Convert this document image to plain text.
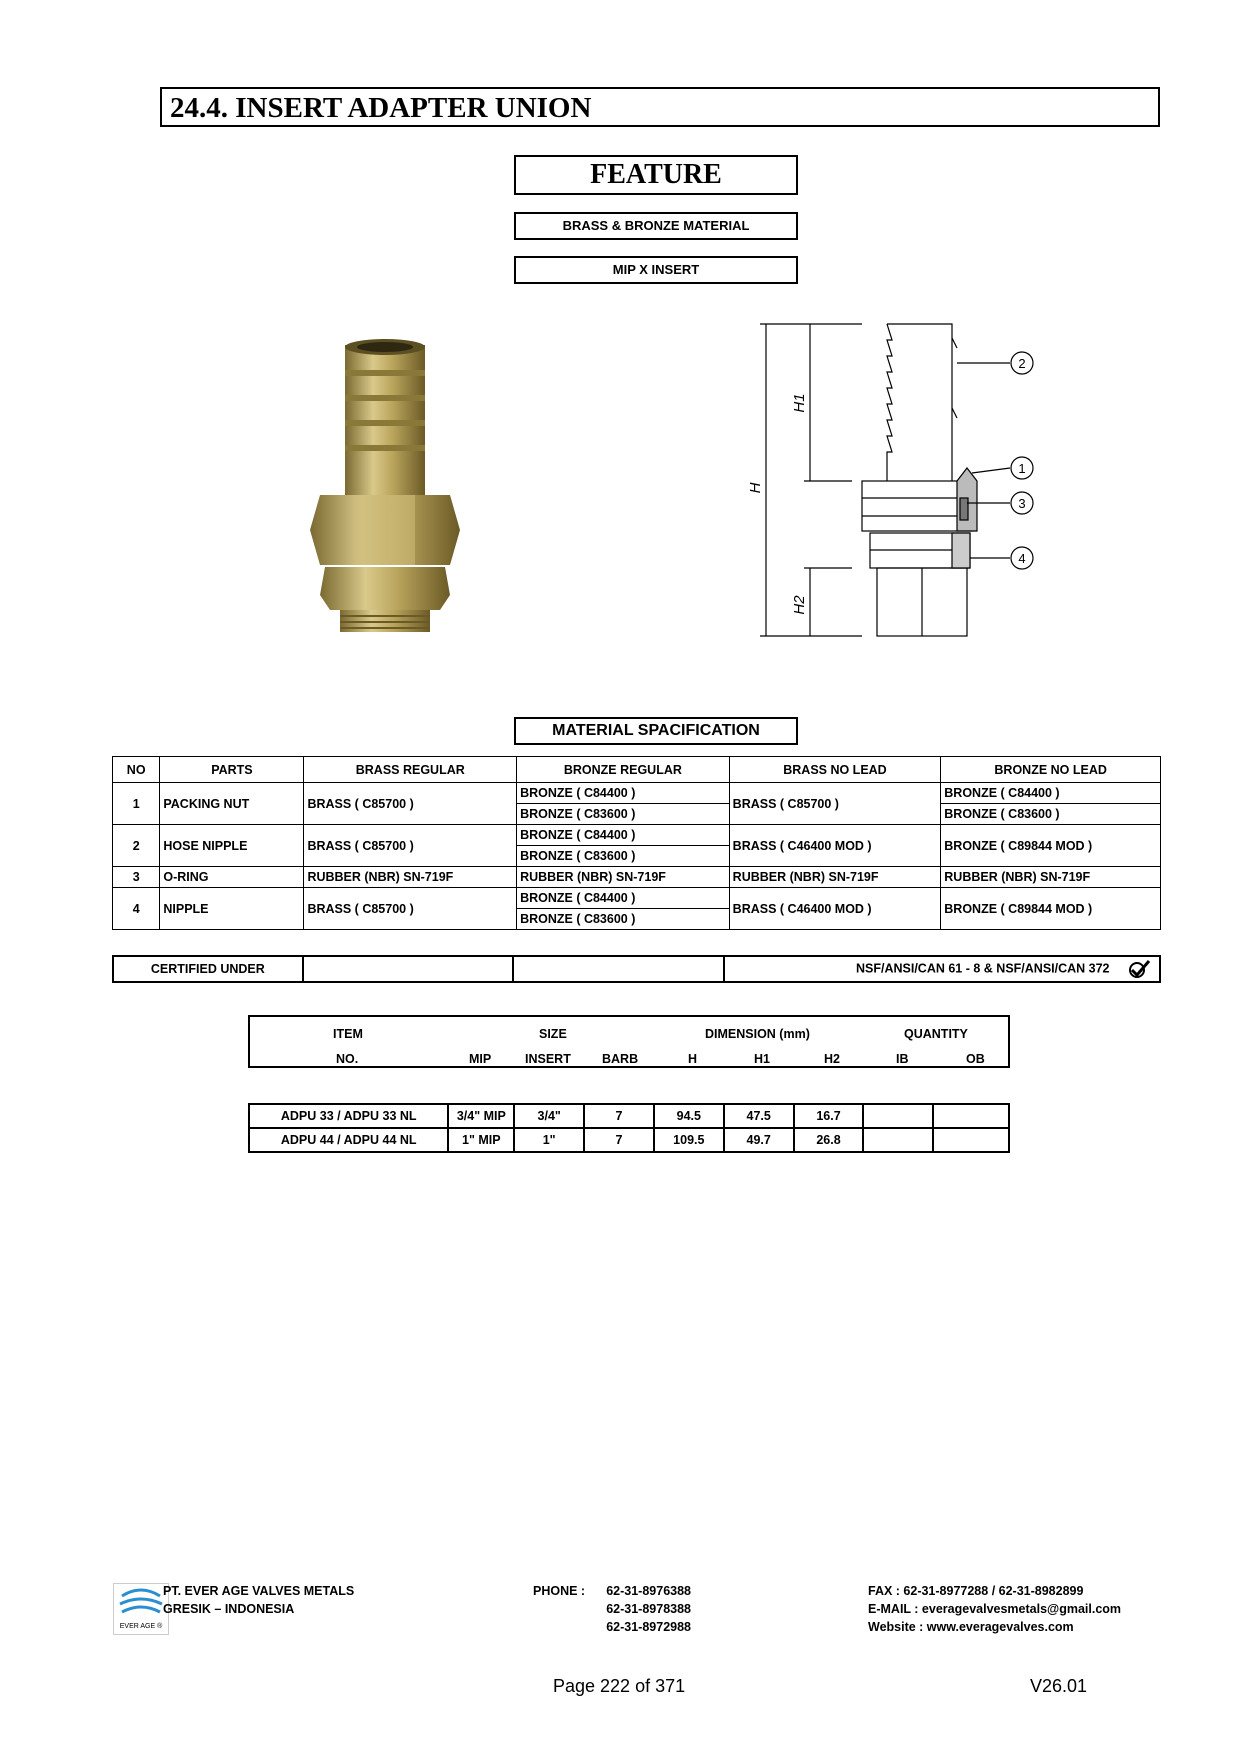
24.4. INSERT ADAPTER UNION
FEATURE
BRASS & BRONZE MATERIAL
MIP X INSERT
H
H1
H2
2
1
3
4
MATERIAL SPACIFICATION
NO	PARTS	BRASS REGULAR	BRONZE REGULAR	BRASS NO LEAD	BRONZE NO LEAD
1	PACKING NUT	BRASS ( C85700 )	BRONZE ( C84400 )	BRASS ( C85700 )	BRONZE ( C84400 )
			BRONZE ( C83600 )		BRONZE ( C83600 )
2	HOSE NIPPLE	BRASS ( C85700 )	BRONZE ( C84400 )	BRASS ( C46400 MOD )	BRONZE ( C89844 MOD )
			BRONZE ( C83600 )		
3	O-RING	RUBBER (NBR) SN-719F	RUBBER (NBR) SN-719F	RUBBER (NBR) SN-719F	RUBBER (NBR) SN-719F
4	NIPPLE	BRASS ( C85700 )	BRONZE ( C84400 )	BRASS ( C46400 MOD )	BRONZE ( C89844 MOD )
			BRONZE ( C83600 )		
CERTIFIED UNDER			NSF/ANSI/CAN 61 - 8 & NSF/ANSI/CAN 372
ITEM	SIZE	DIMENSION (mm)	QUANTITY
NO.	MIP	INSERT BARB	H	H1	H2	IB	OB
ADPU 33 / ADPU 33 NL	3/4" MIP	3/4"	7	94.5	47.5	16.7		
ADPU 44 / ADPU 44 NL	1" MIP	1"	7	109.5	49.7	26.8		
EVER AGE ®
PT. EVER AGE VALVES METALS
GRESIK – INDONESIA
PHONE :	62-31-8976388
62-31-8978388
62-31-8972988
FAX : 62-31-8977288 / 62-31-8982899
E-MAIL : everagevalvesmetals@gmail.com
Website : www.everagevalves.com
Page 222 of 371	V26.01
